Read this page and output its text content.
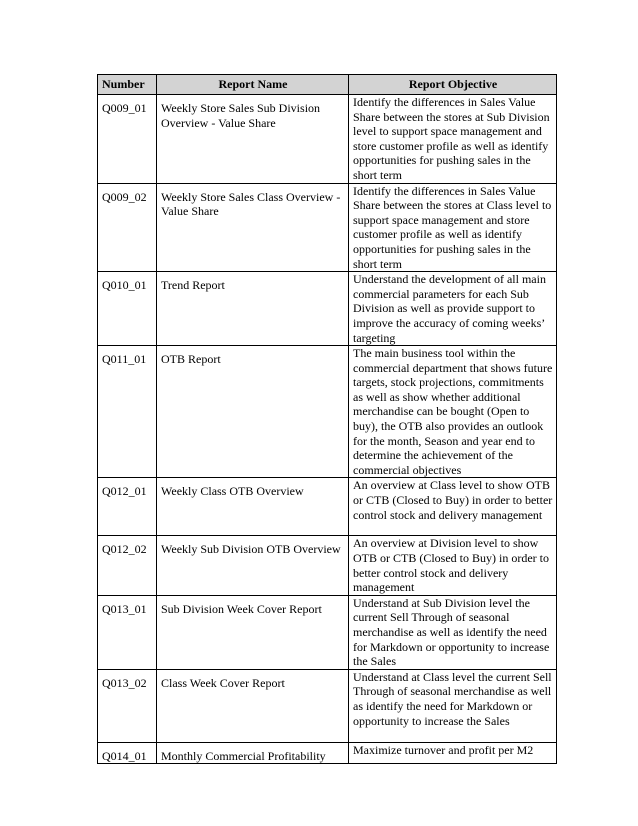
Number	Report Name	Report Objective
Q009_01	Weekly Store Sales Sub Division Overview - Value Share	Identify the differences in Sales Value Share between the stores at Sub Division level to support space management and store customer profile as well as identify opportunities for pushing sales in the short term
Q009_02	Weekly Store Sales Class Overview - Value Share	Identify the differences in Sales Value Share between the stores at Class level to support space management and store customer profile as well as identify opportunities for pushing sales in the short term
Q010_01	Trend Report	Understand the development of all main commercial parameters for each Sub Division as well as provide support to improve the accuracy of coming weeks’ targeting
Q011_01	OTB Report	The main business tool within the commercial department that shows future targets, stock projections, commitments as well as show whether additional merchandise can be bought (Open to buy), the OTB also provides an outlook for the month, Season and year end to determine the achievement of the commercial objectives
Q012_01	Weekly Class OTB Overview	An overview at Class level to show OTB or CTB (Closed to Buy) in order to better control stock and delivery management
Q012_02	Weekly Sub Division OTB Overview	An overview at Division level to show OTB or CTB (Closed to Buy) in order to better control stock and delivery management
Q013_01	Sub Division Week Cover Report	Understand at Sub Division level the current Sell Through of seasonal merchandise as well as identify the need for Markdown or opportunity to increase the Sales
Q013_02	Class Week Cover Report	Understand at Class level the current Sell Through of seasonal merchandise as well as identify the need for Markdown or opportunity to increase the Sales
Q014_01	Monthly Commercial Profitability	Maximize turnover and profit per M2
